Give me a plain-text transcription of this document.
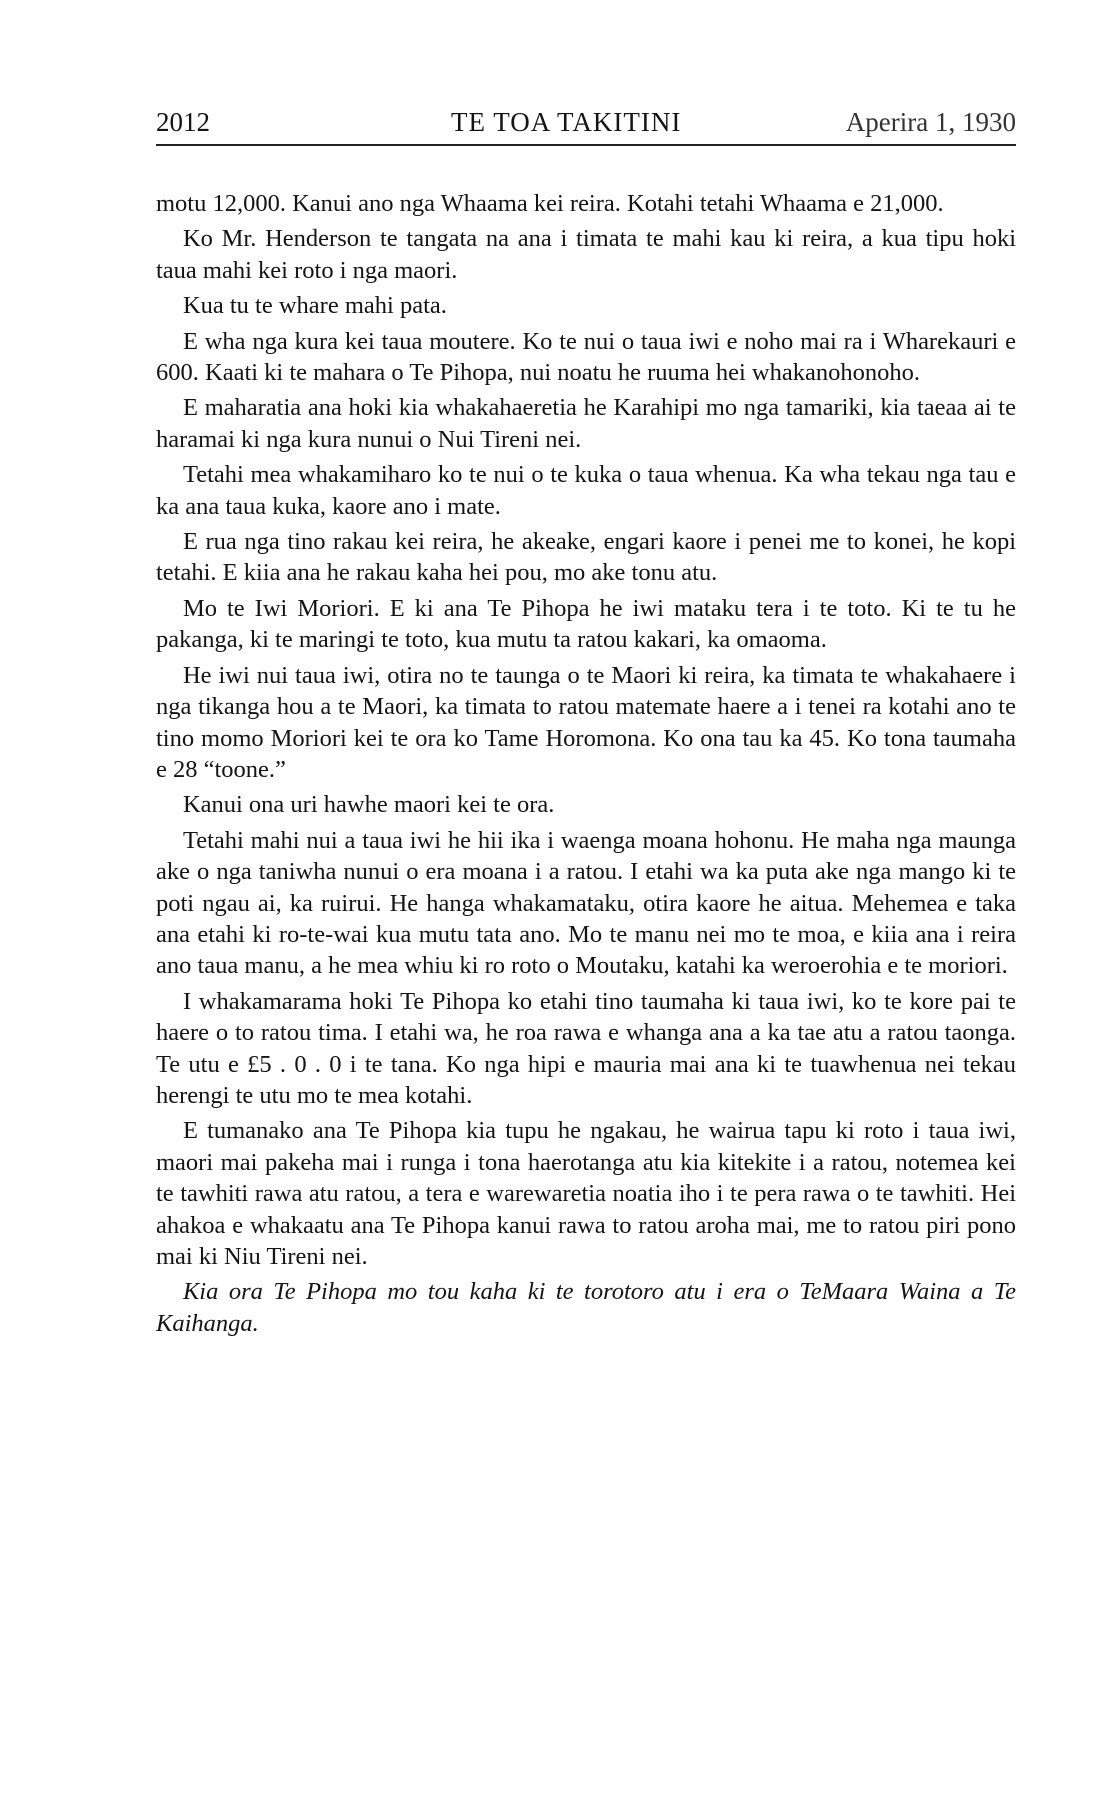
2012	TE TOA TAKITINI	Aperira 1, 1930

motu 12,000. Kanui ano nga Whaama kei reira. Kotahi tetahi Whaama e 21,000.

Ko Mr. Henderson te tangata na ana i timata te mahi kau ki reira, a kua tipu hoki taua mahi kei roto i nga maori.

Kua tu te whare mahi pata.

E wha nga kura kei taua moutere. Ko te nui o taua iwi e noho mai ra i Wharekauri e 600. Kaati ki te mahara o Te Pihopa, nui noatu he ruuma hei whakanohonoho.

E maharatia ana hoki kia whakahaeretia he Karahipi mo nga tamariki, kia taeaa ai te haramai ki nga kura nunui o Nui Tireni nei.

Tetahi mea whakamiharo ko te nui o te kuka o taua whenua. Ka wha tekau nga tau e ka ana taua kuka, kaore ano i mate.

E rua nga tino rakau kei reira, he akeake, engari kaore i penei me to konei, he kopi tetahi. E kiia ana he rakau kaha hei pou, mo ake tonu atu.

Mo te Iwi Moriori. E ki ana Te Pihopa he iwi mataku tera i te toto. Ki te tu he pakanga, ki te maringi te toto, kua mutu ta ratou kakari, ka omaoma.

He iwi nui taua iwi, otira no te taunga o te Maori ki reira, ka timata te whakahaere i nga tikanga hou a te Maori, ka timata to ratou matemate haere a i tenei ra kotahi ano te tino momo Moriori kei te ora ko Tame Horomona. Ko ona tau ka 45. Ko tona taumaha e 28 “toone.”

Kanui ona uri hawhe maori kei te ora.

Tetahi mahi nui a taua iwi he hii ika i waenga moana hohonu. He maha nga maunga ake o nga taniwha nunui o era moana i a ratou. I etahi wa ka puta ake nga mango ki te poti ngau ai, ka ruirui. He hanga whakamataku, otira kaore he aitua. Mehemea e taka ana etahi ki ro-te-wai kua mutu tata ano. Mo te manu nei mo te moa, e kiia ana i reira ano taua manu, a he mea whiu ki ro roto o Moutaku, katahi ka weroerohia e te moriori.

I whakamarama hoki Te Pihopa ko etahi tino taumaha ki taua iwi, ko te kore pai te haere o to ratou tima. I etahi wa, he roa rawa e whanga ana a ka tae atu a ratou taonga. Te utu e £5 . 0 . 0 i te tana. Ko nga hipi e mauria mai ana ki te tuawhenua nei tekau herengi te utu mo te mea kotahi.

E tumanako ana Te Pihopa kia tupu he ngakau, he wairua tapu ki roto i taua iwi, maori mai pakeha mai i runga i tona haerotanga atu kia kitekite i a ratou, notemea kei te tawhiti rawa atu ratou, a tera e warewaretia noatia iho i te pera rawa o te tawhiti. Hei ahakoa e whakaatu ana Te Pihopa kanui rawa to ratou aroha mai, me to ratou piri pono mai ki Niu Tireni nei.

Kia ora Te Pihopa mo tou kaha ki te torotoro atu i era o TeMaara Waina a Te Kaihanga.
